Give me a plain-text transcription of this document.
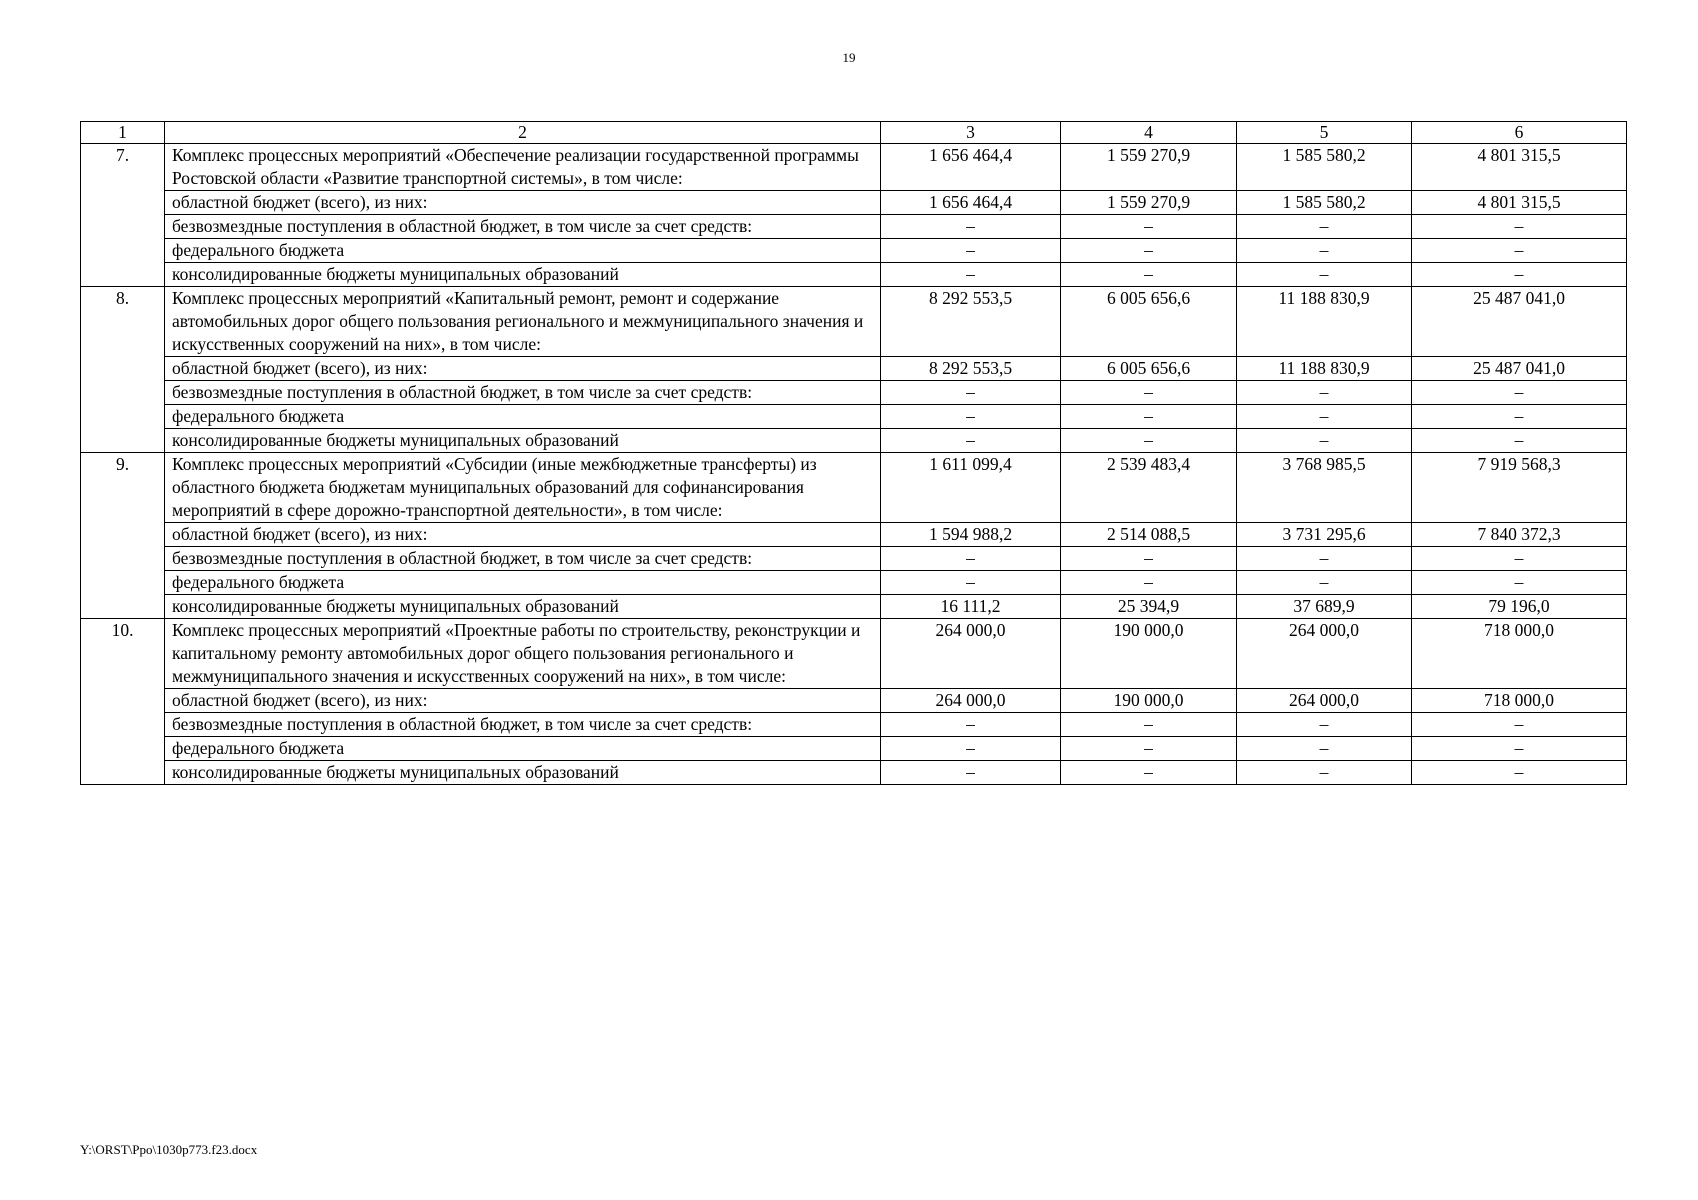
19
1	2	3	4	5	6
7.	Комплекс процессных мероприятий «Обеспечение реализации государственной программы Ростовской области «Развитие транспортной системы», в том числе:	1 656 464,4	1 559 270,9	1 585 580,2	4 801 315,5
	областной бюджет (всего), из них:	1 656 464,4	1 559 270,9	1 585 580,2	4 801 315,5
	безвозмездные поступления в областной бюджет, в том числе за счет средств:	–	–	–	–
	федерального бюджета	–	–	–	–
	консолидированные бюджеты муниципальных образований	–	–	–	–
8.	Комплекс процессных мероприятий «Капитальный ремонт, ремонт и содержание автомобильных дорог общего пользования регионального и межмуниципального значения и искусственных сооружений на них», в том числе:	8 292 553,5	6 005 656,6	11 188 830,9	25 487 041,0
	областной бюджет (всего), из них:	8 292 553,5	6 005 656,6	11 188 830,9	25 487 041,0
	безвозмездные поступления в областной бюджет, в том числе за счет средств:	–	–	–	–
	федерального бюджета	–	–	–	–
	консолидированные бюджеты муниципальных образований	–	–	–	–
9.	Комплекс процессных мероприятий «Субсидии (иные межбюджетные трансферты) из областного бюджета бюджетам муниципальных образований для софинансирования мероприятий в сфере дорожно-транспортной деятельности», в том числе:	1 611 099,4	2 539 483,4	3 768 985,5	7 919 568,3
	областной бюджет (всего), из них:	1 594 988,2	2 514 088,5	3 731 295,6	7 840 372,3
	безвозмездные поступления в областной бюджет, в том числе за счет средств:	–	–	–	–
	федерального бюджета	–	–	–	–
	консолидированные бюджеты муниципальных образований	16 111,2	25 394,9	37 689,9	79 196,0
10.	Комплекс процессных мероприятий «Проектные работы по строительству, реконструкции и капитальному ремонту автомобильных дорог общего пользования регионального и межмуниципального значения и искусственных сооружений на них», в том числе:	264 000,0	190 000,0	264 000,0	718 000,0
	областной бюджет (всего), из них:	264 000,0	190 000,0	264 000,0	718 000,0
	безвозмездные поступления в областной бюджет, в том числе за счет средств:	–	–	–	–
	федерального бюджета	–	–	–	–
	консолидированные бюджеты муниципальных образований	–	–	–	–
Y:\ORST\Ppo\1030p773.f23.docx
